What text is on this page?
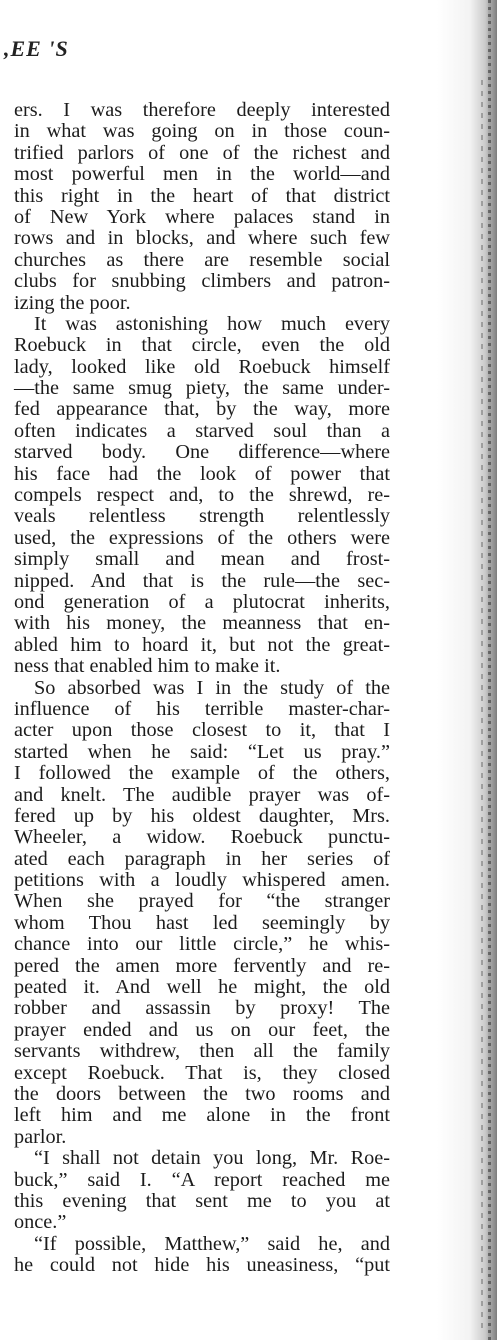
,EE 'S
ers. I was therefore deeply interested
in what was going on in those coun-
trified parlors of one of the richest and
most powerful men in the world—and
this right in the heart of that district
of New York where palaces stand in
rows and in blocks, and where such few
churches as there are resemble social
clubs for snubbing climbers and patron-
izing the poor.
It was astonishing how much every
Roebuck in that circle, even the old
lady, looked like old Roebuck himself
—the same smug piety, the same under-
fed appearance that, by the way, more
often indicates a starved soul than a
starved body. One difference—where
his face had the look of power that
compels respect and, to the shrewd, re-
veals relentless strength relentlessly
used, the expressions of the others were
simply small and mean and frost-
nipped. And that is the rule—the sec-
ond generation of a plutocrat inherits,
with his money, the meanness that en-
abled him to hoard it, but not the great-
ness that enabled him to make it.
So absorbed was I in the study of the
influence of his terrible master-char-
acter upon those closest to it, that I
started when he said: “Let us pray.”
I followed the example of the others,
and knelt. The audible prayer was of-
fered up by his oldest daughter, Mrs.
Wheeler, a widow. Roebuck punctu-
ated each paragraph in her series of
petitions with a loudly whispered amen.
When she prayed for “the stranger
whom Thou hast led seemingly by
chance into our little circle,” he whis-
pered the amen more fervently and re-
peated it. And well he might, the old
robber and assassin by proxy! The
prayer ended and us on our feet, the
servants withdrew, then all the family
except Roebuck. That is, they closed
the doors between the two rooms and
left him and me alone in the front
parlor.
“I shall not detain you long, Mr. Roe-
buck,” said I. “A report reached me
this evening that sent me to you at
once.”
“If possible, Matthew,” said he, and
he could not hide his uneasiness, “put
